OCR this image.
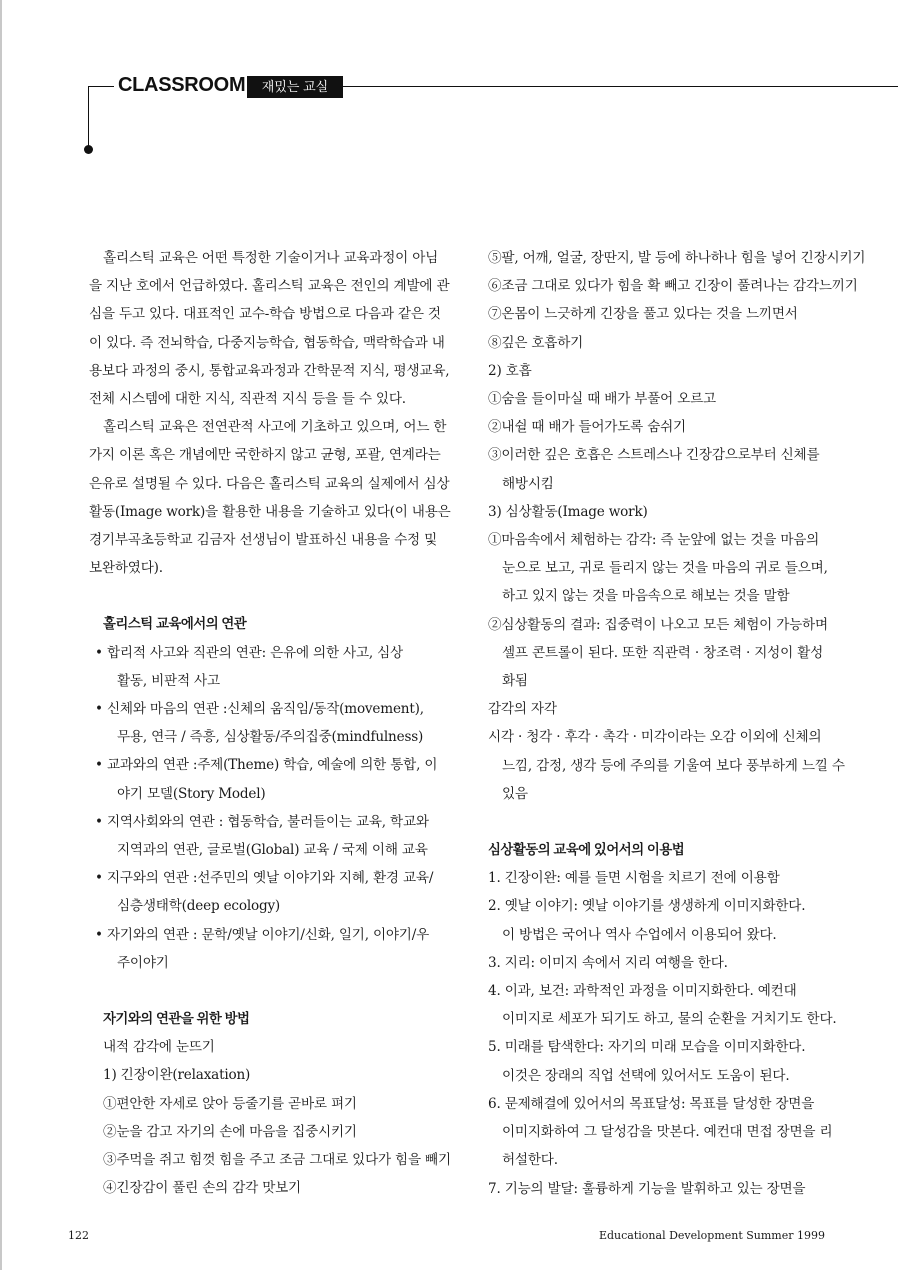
CLASSROOM	재밌는 교실
홀리스틱 교육은 어떤 특정한 기술이거나 교육과정이 아님
을 지난 호에서 언급하였다. 홀리스틱 교육은 전인의 계발에 관
심을 두고 있다. 대표적인 교수-학습 방법으로 다음과 같은 것
이 있다. 즉 전뇌학습, 다중지능학습, 협동학습, 맥락학습과 내
용보다 과정의 중시, 통합교육과정과 간학문적 지식, 평생교육,
전체 시스템에 대한 지식, 직관적 지식 등을 들 수 있다.
홀리스틱 교육은 전연관적 사고에 기초하고 있으며, 어느 한
가지 이론 혹은 개념에만 국한하지 않고 균형, 포괄, 연계라는
은유로 설명될 수 있다. 다음은 홀리스틱 교육의 실제에서 심상
활동(Image work)을 활용한 내용을 기술하고 있다(이 내용은
경기부곡초등학교 김금자 선생님이 발표하신 내용을 수정 및
보완하였다).
홀리스틱 교육에서의 연관
• 합리적 사고와 직관의 연관: 은유에 의한 사고, 심상
활동, 비판적 사고
• 신체와 마음의 연관 :신체의 움직임/동작(movement),
무용, 연극 / 즉흥, 심상활동/주의집중(mindfulness)
• 교과와의 연관 :주제(Theme) 학습, 예술에 의한 통합, 이
야기 모델(Story Model)
• 지역사회와의 연관 : 협동학습, 불러들이는 교육, 학교와
지역과의 연관, 글로벌(Global) 교육 / 국제 이해 교육
• 지구와의 연관 :선주민의 옛날 이야기와 지혜, 환경 교육/
심층생태학(deep ecology)
• 자기와의 연관 : 문학/옛날 이야기/신화, 일기, 이야기/우
주이야기
자기와의 연관을 위한 방법
내적 감각에 눈뜨기
1) 긴장이완(relaxation)
①편안한 자세로 앉아 등줄기를 곧바로 펴기
②눈을 감고 자기의 손에 마음을 집중시키기
③주먹을 쥐고 힘껏 힘을 주고 조금 그대로 있다가 힘을 빼기
④긴장감이 풀린 손의 감각 맛보기
⑤팔, 어깨, 얼굴, 장딴지, 발 등에 하나하나 힘을 넣어 긴장시키기
⑥조금 그대로 있다가 힘을 확 빼고 긴장이 풀려나는 감각느끼기
⑦온몸이 느긋하게 긴장을 풀고 있다는 것을 느끼면서
⑧깊은 호흡하기
2) 호흡
①숨을 들이마실 때 배가 부풀어 오르고
②내쉴 때 배가 들어가도록 숨쉬기
③이러한 깊은 호흡은 스트레스나 긴장감으로부터 신체를
해방시킴
3) 심상활동(Image work)
①마음속에서 체험하는 감각: 즉 눈앞에 없는 것을 마음의
눈으로 보고, 귀로 들리지 않는 것을 마음의 귀로 들으며,
하고 있지 않는 것을 마음속으로 해보는 것을 말함
②심상활동의 결과: 집중력이 나오고 모든 체험이 가능하며
셀프 콘트롤이 된다. 또한 직관력 · 창조력 · 지성이 활성
화됨
감각의 자각
시각 · 청각 · 후각 · 촉각 · 미각이라는 오감 이외에 신체의
느낌, 감정, 생각 등에 주의를 기울여 보다 풍부하게 느낄 수
있음
심상활동의 교육에 있어서의 이용법
1. 긴장이완: 예를 들면 시험을 치르기 전에 이용함
2. 옛날 이야기: 옛날 이야기를 생생하게 이미지화한다.
이 방법은 국어나 역사 수업에서 이용되어 왔다.
3. 지리: 이미지 속에서 지리 여행을 한다.
4. 이과, 보건: 과학적인 과정을 이미지화한다. 예컨대
이미지로 세포가 되기도 하고, 물의 순환을 거치기도 한다.
5. 미래를 탐색한다: 자기의 미래 모습을 이미지화한다.
이것은 장래의 직업 선택에 있어서도 도움이 된다.
6. 문제해결에 있어서의 목표달성: 목표를 달성한 장면을
이미지화하여 그 달성감을 맛본다. 예컨대 면접 장면을 리
허설한다.
7. 기능의 발달: 훌륭하게 기능을 발휘하고 있는 장면을
122	Educational Development Summer 1999
